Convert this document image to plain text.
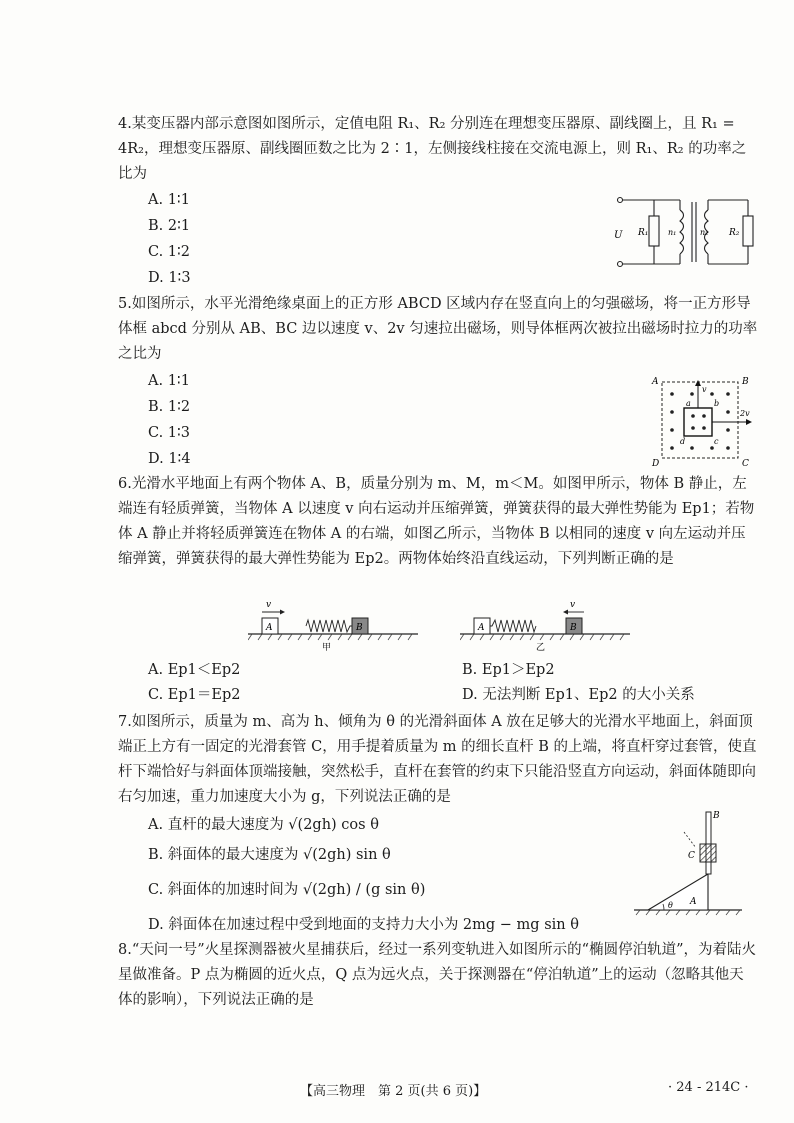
4.某变压器内部示意图如图所示，定值电阻 R₁、R₂ 分别连在理想变压器原、副线圈上，且 R₁ = 4R₂，理想变压器原、副线圈匝数之比为 2∶1，左侧接线柱接在交流电源上，则 R₁、R₂ 的功率之比为

A. 1∶1
B. 2∶1
C. 1∶2
D. 1∶3
U R₁ n₁	n₂ R₂

5.如图所示，水平光滑绝缘桌面上的正方形 ABCD 区域内存在竖直向上的匀强磁场，将一正方形导体框 abcd 分别从 AB、BC 边以速度 v、2v 匀速拉出磁场，则导体框两次被拉出磁场时拉力的功率之比为

A. 1∶1
B. 1∶2
C. 1∶3
D. 1∶4
A	B
C
D
a	b
c
d
v
2v

6.光滑水平地面上有两个物体 A、B，质量分别为 m、M，m＜M。如图甲所示，物体 B 静止，左端连有轻质弹簧，当物体 A 以速度 v 向右运动并压缩弹簧，弹簧获得的最大弹性势能为 Ep1；若物体 A 静止并将轻质弹簧连在物体 A 的右端，如图乙所示，当物体 B 以相同的速度 v 向左运动并压缩弹簧，弹簧获得的最大弹性势能为 Ep2。两物体始终沿直线运动，下列判断正确的是

v
A	B
甲
v
A	B
乙
A. Ep1＜Ep2	B. Ep1＞Ep2
C. Ep1＝Ep2	D. 无法判断 Ep1、Ep2 的大小关系

7.如图所示，质量为 m、高为 h、倾角为 θ 的光滑斜面体 A 放在足够大的光滑水平地面上，斜面顶端正上方有一固定的光滑套管 C，用手提着质量为 m 的细长直杆 B 的上端，将直杆穿过套管，使直杆下端恰好与斜面体顶端接触，突然松手，直杆在套管的约束下只能沿竖直方向运动，斜面体随即向右匀加速，重力加速度大小为 g，下列说法正确的是

A. 直杆的最大速度为 √(2gh) cos θ
B. 斜面体的最大速度为 √(2gh) sin θ
C. 斜面体的加速时间为 √(2gh) / (g sin θ)
D. 斜面体在加速过程中受到地面的支持力大小为 2mg − mg sin θ
B
C
A
θ

8.“天问一号”火星探测器被火星捕获后，经过一系列变轨进入如图所示的“椭圆停泊轨道”，为着陆火星做准备。P 点为椭圆的近火点，Q 点为远火点，关于探测器在“停泊轨道”上的运动（忽略其他天体的影响），下列说法正确的是

【高三物理　第 2 页(共 6 页)】	· 24 - 214C ·
